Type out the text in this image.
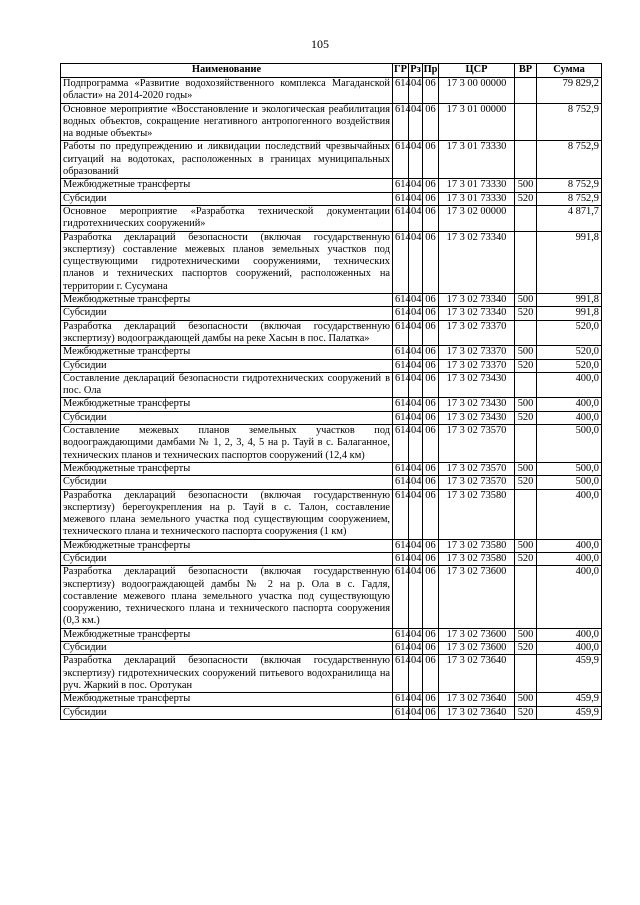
105
Наименование	ГР	Рз	Пр	ЦСР	ВР	Сумма
Подпрограмма «Развитие водохозяйственного комплекса Магаданской области» на 2014-2020 годы»	614	04	06	17 3 00 00000		79 829,2
Основное мероприятие «Восстановление и экологическая реабилитация водных объектов, сокращение негативного антропогенного воздействия на водные объекты»	614	04	06	17 3 01 00000		8 752,9
Работы по предупреждению и ликвидации последствий чрезвычайных ситуаций на водотоках, расположенных в границах муниципальных образований	614	04	06	17 3 01 73330		8 752,9
Межбюджетные трансферты	614	04	06	17 3 01 73330	500	8 752,9
Субсидии	614	04	06	17 3 01 73330	520	8 752,9
Основное мероприятие «Разработка технической документации гидротехнических сооружений»	614	04	06	17 3 02 00000		4 871,7
Разработка деклараций безопасности (включая государственную экспертизу) составление межевых планов земельных участков под существующими гидротехническими сооружениями, технических планов и технических паспортов сооружений, расположенных на территории г. Сусумана	614	04	06	17 3 02 73340		991,8
Межбюджетные трансферты	614	04	06	17 3 02 73340	500	991,8
Субсидии	614	04	06	17 3 02 73340	520	991,8
Разработка деклараций безопасности (включая государственную экспертизу) водоограждающей дамбы на реке Хасын в пос. Палатка»	614	04	06	17 3 02 73370		520,0
Межбюджетные трансферты	614	04	06	17 3 02 73370	500	520,0
Субсидии	614	04	06	17 3 02 73370	520	520,0
Составление деклараций безопасности гидротехнических сооружений в пос. Ола	614	04	06	17 3 02 73430		400,0
Межбюджетные трансферты	614	04	06	17 3 02 73430	500	400,0
Субсидии	614	04	06	17 3 02 73430	520	400,0
Составление межевых планов земельных участков под водоограждающими дамбами № 1, 2, 3, 4, 5 на р. Тауй в с. Балаганное, технических планов и технических паспортов сооружений (12,4 км)	614	04	06	17 3 02 73570		500,0
Межбюджетные трансферты	614	04	06	17 3 02 73570	500	500,0
Субсидии	614	04	06	17 3 02 73570	520	500,0
Разработка деклараций безопасности (включая государственную экспертизу) берегоукрепления на р. Тауй в с. Талон, составление межевого плана земельного участка под существующим сооружением, технического плана и технического паспорта сооружения (1 км)	614	04	06	17 3 02 73580		400,0
Межбюджетные трансферты	614	04	06	17 3 02 73580	500	400,0
Субсидии	614	04	06	17 3 02 73580	520	400,0
Разработка деклараций безопасности (включая государственную экспертизу) водоограждающей дамбы № 2 на р. Ола в с. Гадля, составление межевого плана земельного участка под существующую сооружению, технического плана и технического паспорта сооружения (0,3 км.)	614	04	06	17 3 02 73600		400,0
Межбюджетные трансферты	614	04	06	17 3 02 73600	500	400,0
Субсидии	614	04	06	17 3 02 73600	520	400,0
Разработка деклараций безопасности (включая государственную экспертизу) гидротехнических сооружений питьевого водохранилища на руч. Жаркий в пос. Оротукан	614	04	06	17 3 02 73640		459,9
Межбюджетные трансферты	614	04	06	17 3 02 73640	500	459,9
Субсидии	614	04	06	17 3 02 73640	520	459,9
